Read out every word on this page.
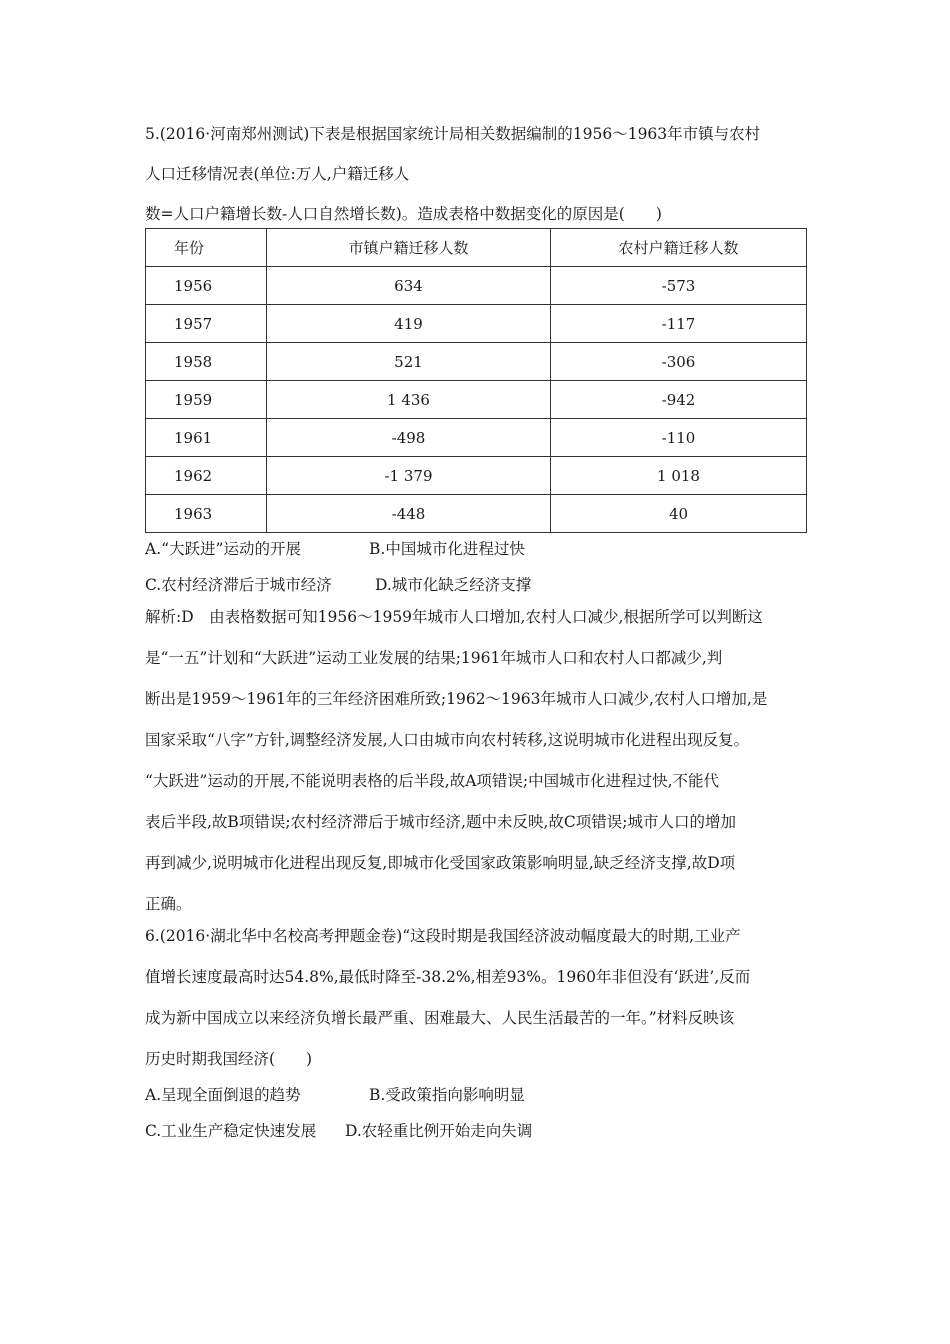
5.(2016·河南郑州测试)下表是根据国家统计局相关数据编制的1956～1963年市镇与农村

人口迁移情况表(单位:万人,户籍迁移人

数=人口户籍增长数-人口自然增长数)。造成表格中数据变化的原因是(　　)

年份	市镇户籍迁移人数	农村户籍迁移人数
1956	634	-573
1957	419	-117
1958	521	-306
1959	1 436	-942
1961	-498	-110
1962	-1 379	1 018
1963	-448	40

A.“大跃进”运动的开展	B.中国城市化进程过快

C.农村经济滞后于城市经济	D.城市化缺乏经济支撑

解析:D　由表格数据可知1956～1959年城市人口增加,农村人口减少,根据所学可以判断这

是“一五”计划和“大跃进”运动工业发展的结果;1961年城市人口和农村人口都减少,判

断出是1959～1961年的三年经济困难所致;1962～1963年城市人口减少,农村人口增加,是

国家采取“八字”方针,调整经济发展,人口由城市向农村转移,这说明城市化进程出现反复。

“大跃进”运动的开展,不能说明表格的后半段,故A项错误;中国城市化进程过快,不能代

表后半段,故B项错误;农村经济滞后于城市经济,题中未反映,故C项错误;城市人口的增加

再到减少,说明城市化进程出现反复,即城市化受国家政策影响明显,缺乏经济支撑,故D项

正确。

6.(2016·湖北华中名校高考押题金卷)“这段时期是我国经济波动幅度最大的时期,工业产

值增长速度最高时达54.8%,最低时降至-38.2%,相差93%。1960年非但没有‘跃进’,反而

成为新中国成立以来经济负增长最严重、困难最大、人民生活最苦的一年。”材料反映该

历史时期我国经济(　　)

A.呈现全面倒退的趋势	B.受政策指向影响明显

C.工业生产稳定快速发展 D.农轻重比例开始走向失调
